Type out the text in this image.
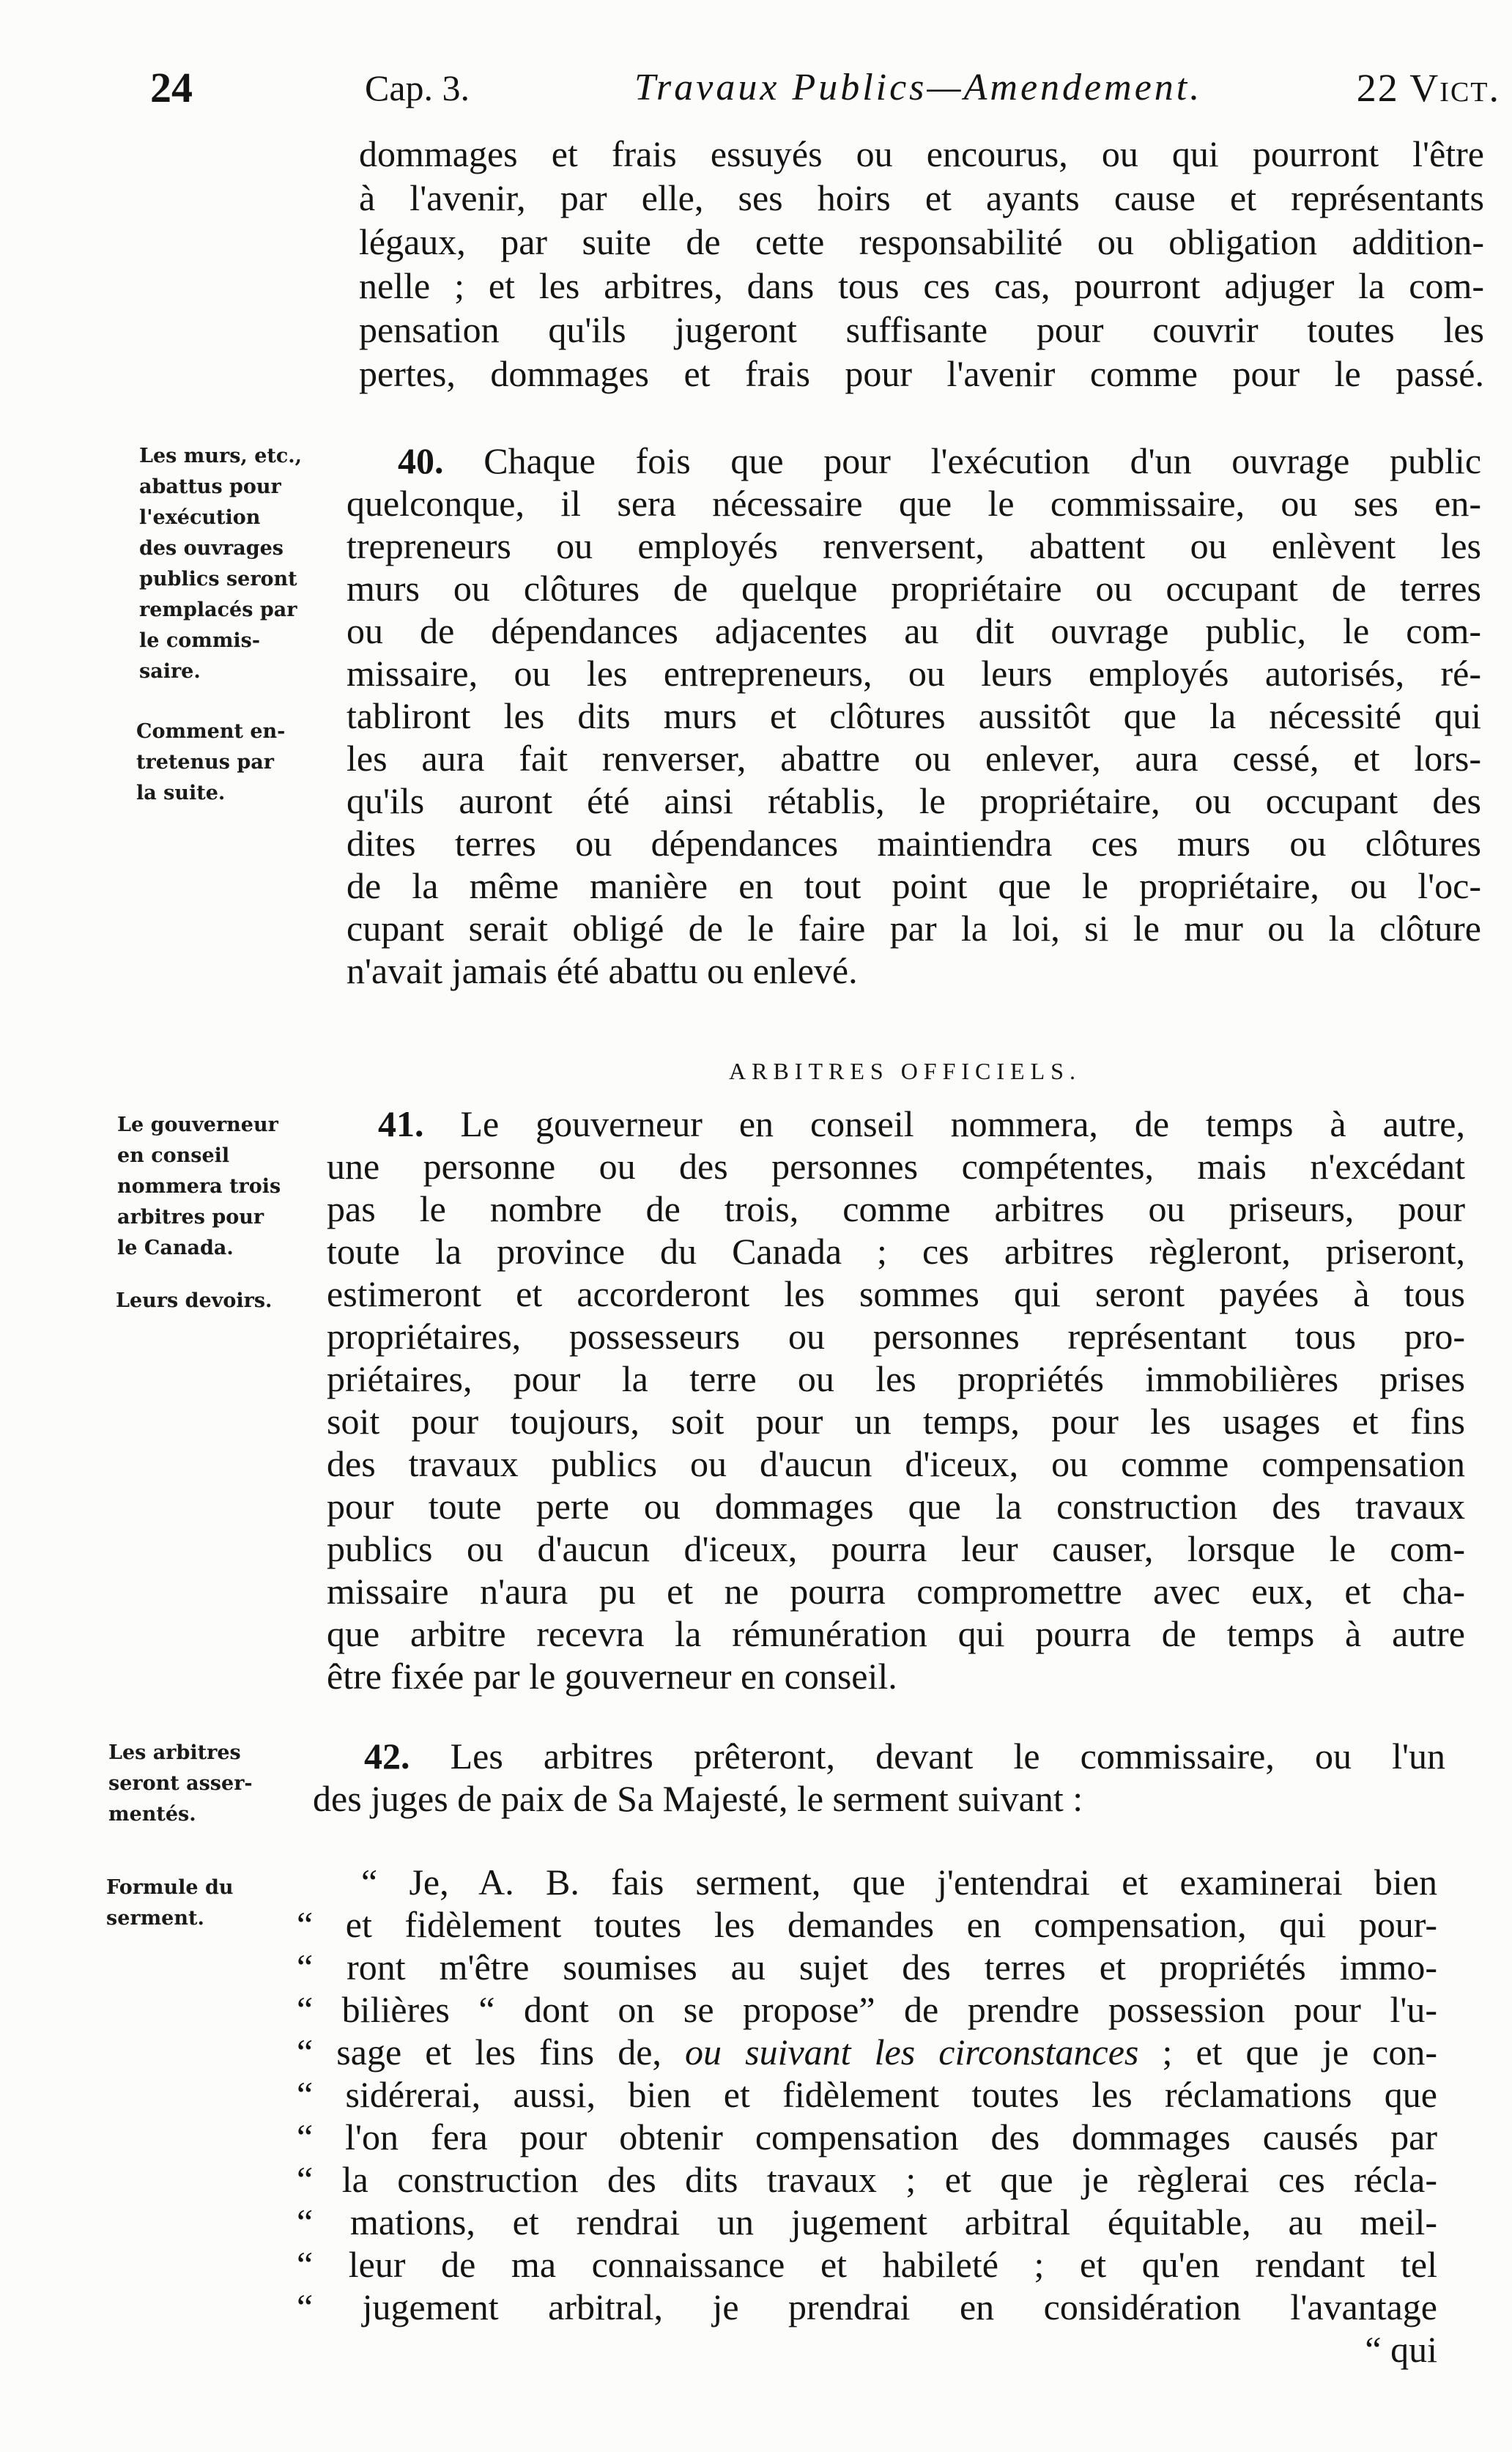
24	Cap. 3.	Travaux Publics—Amendement.	22 Vict.
dommages et frais essuyés ou encourus, ou qui pourront l'être
à l'avenir, par elle, ses hoirs et ayants cause et représentants
légaux, par suite de cette responsabilité ou obligation addition-
nelle ; et les arbitres, dans tous ces cas, pourront adjuger la com-
pensation qu'ils jugeront suffisante pour couvrir toutes les
pertes, dommages et frais pour l'avenir comme pour le passé.
Les murs, etc.,
abattus pour
l'exécution
des ouvrages
publics seront
remplacés par
le commis-
saire.
Comment en-
tretenus par
la suite.
40. Chaque fois que pour l'exécution d'un ouvrage public
quelconque, il sera nécessaire que le commissaire, ou ses en-
trepreneurs ou employés renversent, abattent ou enlèvent les
murs ou clôtures de quelque propriétaire ou occupant de terres
ou de dépendances adjacentes au dit ouvrage public, le com-
missaire, ou les entrepreneurs, ou leurs employés autorisés, ré-
tabliront les dits murs et clôtures aussitôt que la nécessité qui
les aura fait renverser, abattre ou enlever, aura cessé, et lors-
qu'ils auront été ainsi rétablis, le propriétaire, ou occupant des
dites terres ou dépendances maintiendra ces murs ou clôtures
de la même manière en tout point que le propriétaire, ou l'oc-
cupant serait obligé de le faire par la loi, si le mur ou la clôture
n'avait jamais été abattu ou enlevé.
ARBITRES OFFICIELS.
Le gouverneur
en conseil
nommera trois
arbitres pour
le Canada.
Leurs devoirs.
41. Le gouverneur en conseil nommera, de temps à autre,
une personne ou des personnes compétentes, mais n'excédant
pas le nombre de trois, comme arbitres ou priseurs, pour
toute la province du Canada ; ces arbitres règleront, priseront,
estimeront et accorderont les sommes qui seront payées à tous
propriétaires, possesseurs ou personnes représentant tous pro-
priétaires, pour la terre ou les propriétés immobilières prises
soit pour toujours, soit pour un temps, pour les usages et fins
des travaux publics ou d'aucun d'iceux, ou comme compensation
pour toute perte ou dommages que la construction des travaux
publics ou d'aucun d'iceux, pourra leur causer, lorsque le com-
missaire n'aura pu et ne pourra compromettre avec eux, et cha-
que arbitre recevra la rémunération qui pourra de temps à autre
être fixée par le gouverneur en conseil.
Les arbitres
seront asser-
mentés.
42. Les arbitres prêteront, devant le commissaire, ou l'un
des juges de paix de Sa Majesté, le serment suivant :
Formule du
serment.
“ Je, A. B. fais serment, que j'entendrai et examinerai bien
“ et fidèlement toutes les demandes en compensation, qui pour-
“ ront m'être soumises au sujet des terres et propriétés immo-
“ bilières “ dont on se propose” de prendre possession pour l'u-
“ sage et les fins de, ou suivant les circonstances ; et que je con-
“ sidérerai, aussi, bien et fidèlement toutes les réclamations que
“ l'on fera pour obtenir compensation des dommages causés par
“ la construction des dits travaux ; et que je règlerai ces récla-
“ mations, et rendrai un jugement arbitral équitable, au meil-
“ leur de ma connaissance et habileté ; et qu'en rendant tel
“ jugement arbitral, je prendrai en considération l'avantage
“ qui
